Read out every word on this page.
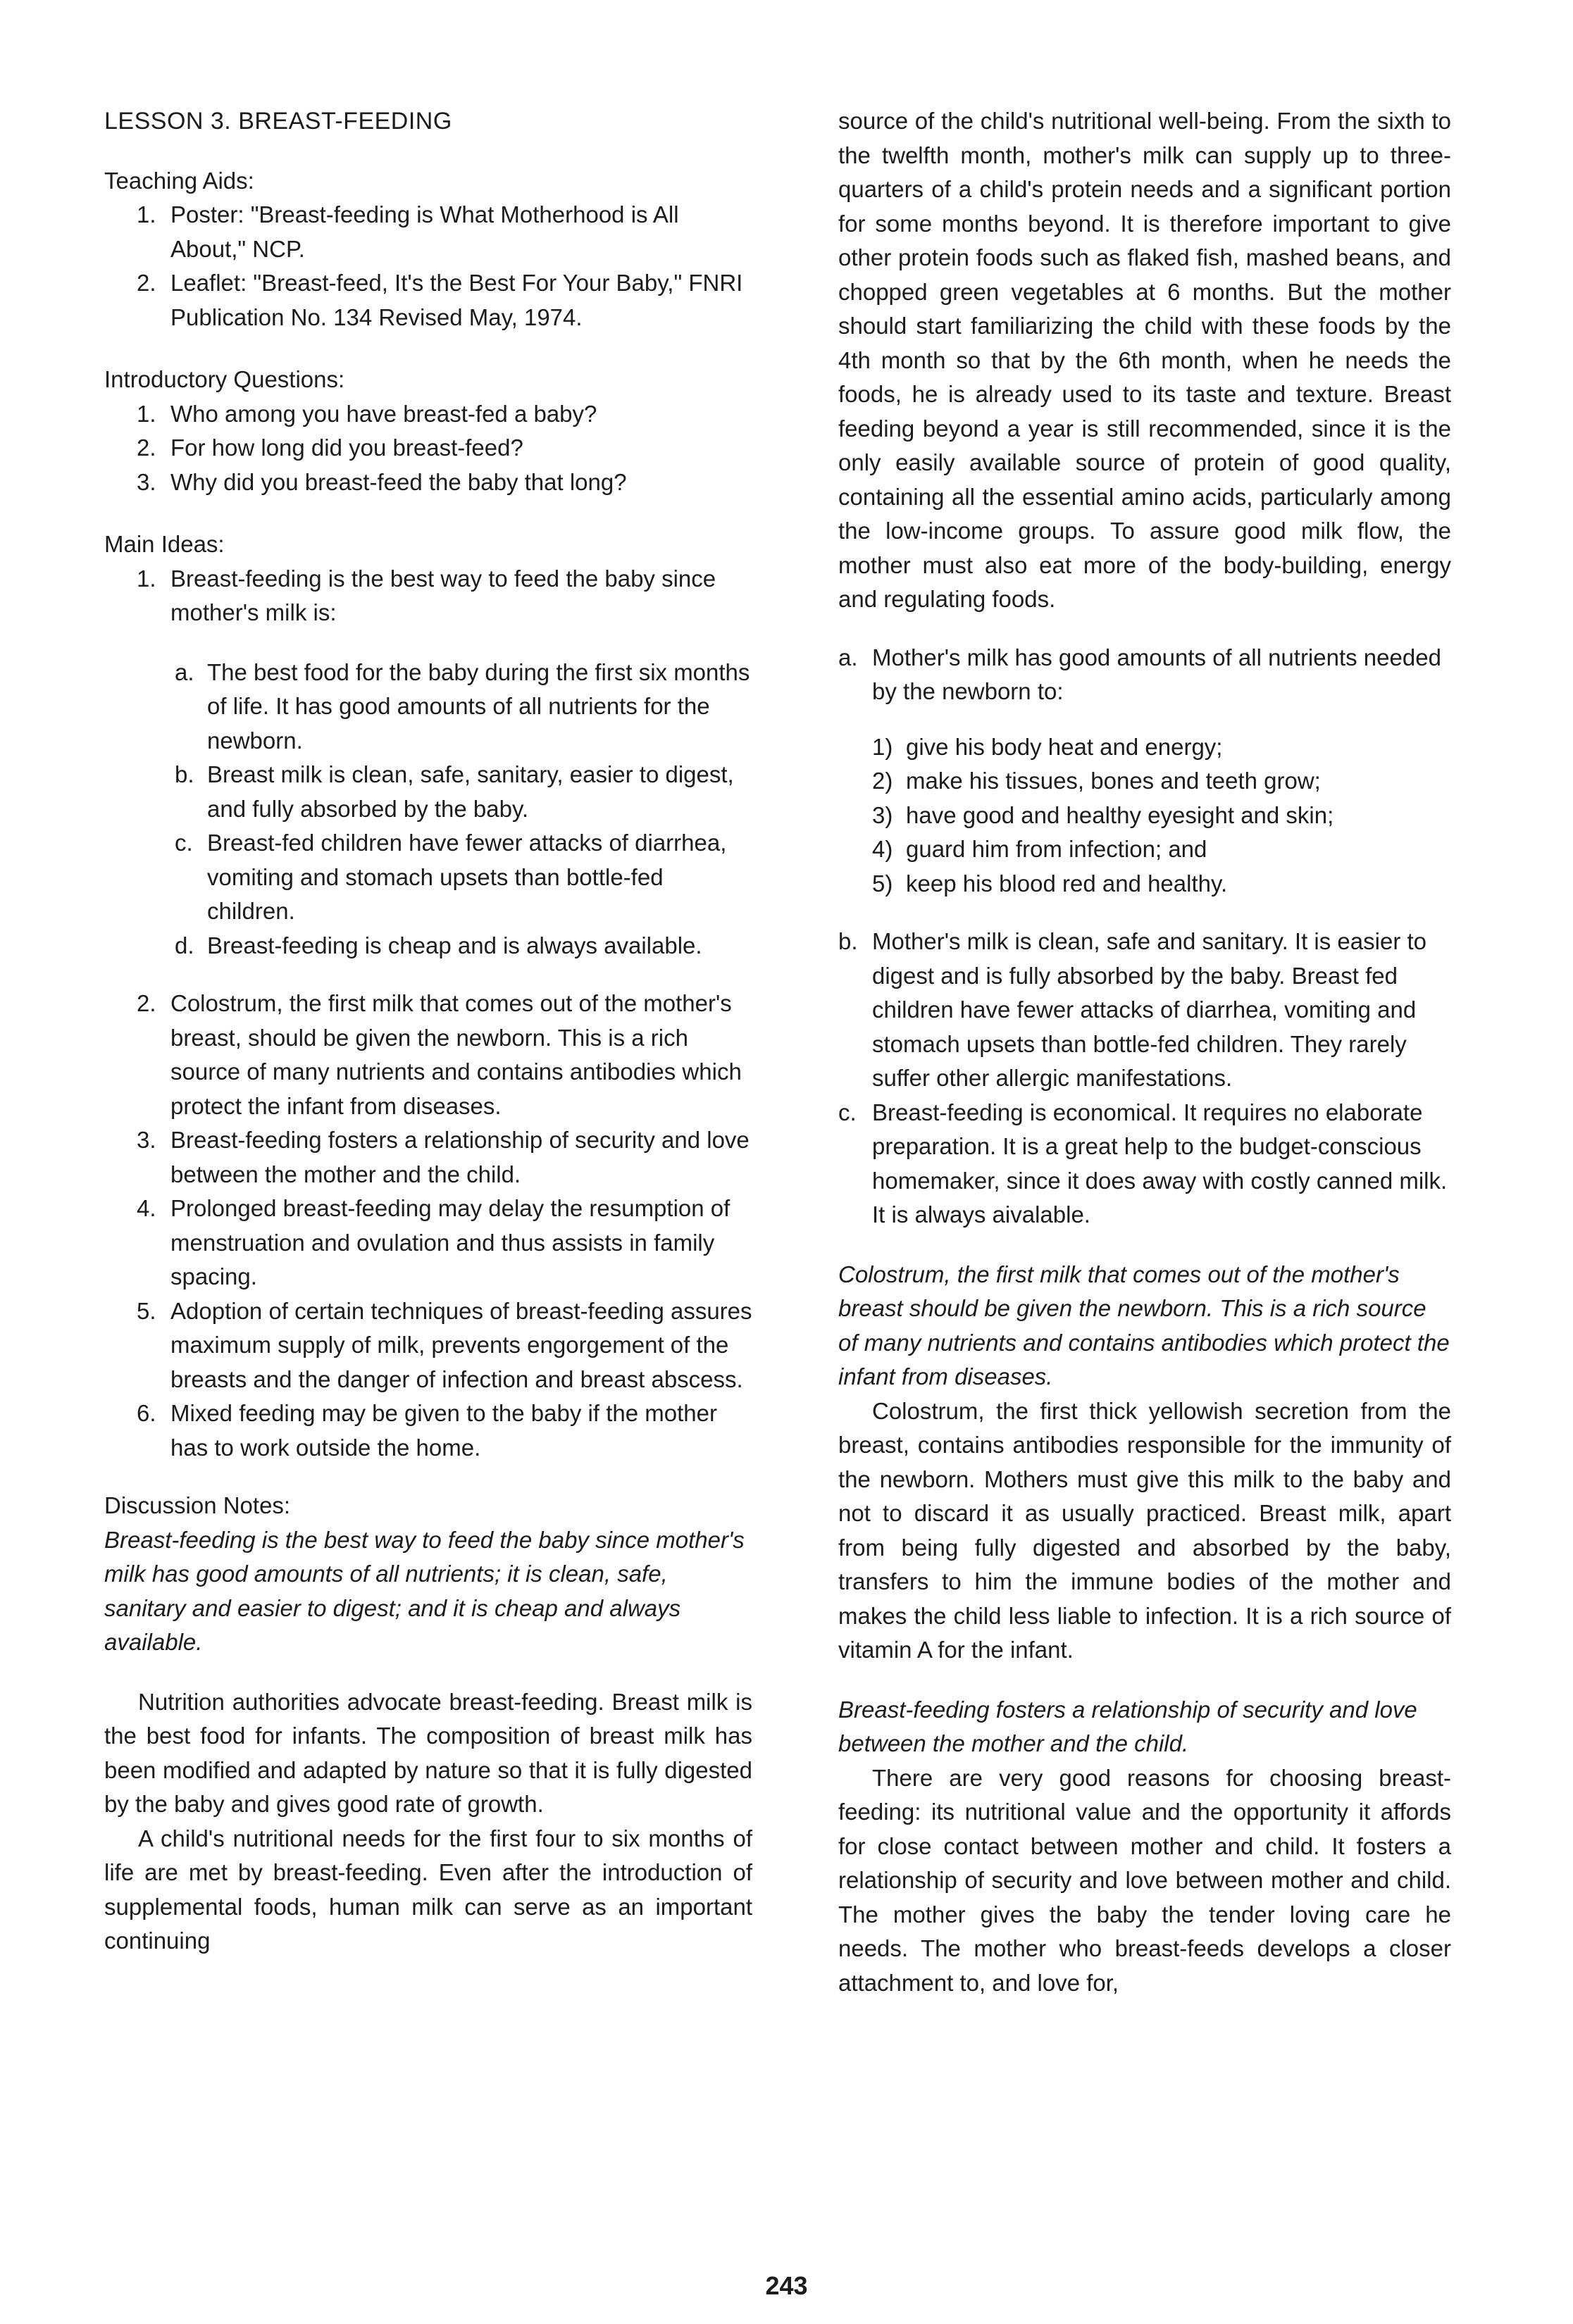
LESSON 3. BREAST-FEEDING
Teaching Aids:
1. Poster: "Breast-feeding is What Motherhood is All About," NCP.
2. Leaflet: "Breast-feed, It's the Best For Your Baby," FNRI Publication No. 134 Revised May, 1974.
Introductory Questions:
1. Who among you have breast-fed a baby?
2. For how long did you breast-feed?
3. Why did you breast-feed the baby that long?
Main Ideas:
1. Breast-feeding is the best way to feed the baby since mother's milk is:
a. The best food for the baby during the first six months of life. It has good amounts of all nutrients for the newborn.
b. Breast milk is clean, safe, sanitary, easier to digest, and fully absorbed by the baby.
c. Breast-fed children have fewer attacks of diarrhea, vomiting and stomach upsets than bottle-fed children.
d. Breast-feeding is cheap and is always available.
2. Colostrum, the first milk that comes out of the mother's breast, should be given the newborn. This is a rich source of many nutrients and contains antibodies which protect the infant from diseases.
3. Breast-feeding fosters a relationship of security and love between the mother and the child.
4. Prolonged breast-feeding may delay the resumption of menstruation and ovulation and thus assists in family spacing.
5. Adoption of certain techniques of breast-feeding assures maximum supply of milk, prevents engorgement of the breasts and the danger of infection and breast abscess.
6. Mixed feeding may be given to the baby if the mother has to work outside the home.
Discussion Notes:

Breast-feeding is the best way to feed the baby since mother's milk has good amounts of all nutrients; it is clean, safe, sanitary and easier to digest; and it is cheap and always available.

Nutrition authorities advocate breast-feeding. Breast milk is the best food for infants. The composition of breast milk has been modified and adapted by nature so that it is fully digested by the baby and gives good rate of growth.

A child's nutritional needs for the first four to six months of life are met by breast-feeding. Even after the introduction of supplemental foods, human milk can serve as an important continuing

source of the child's nutritional well-being. From the sixth to the twelfth month, mother's milk can supply up to three-quarters of a child's protein needs and a significant portion for some months beyond. It is therefore important to give other protein foods such as flaked fish, mashed beans, and chopped green vegetables at 6 months. But the mother should start familiarizing the child with these foods by the 4th month so that by the 6th month, when he needs the foods, he is already used to its taste and texture. Breast feeding beyond a year is still recommended, since it is the only easily available source of protein of good quality, containing all the essential amino acids, particularly among the low-income groups. To assure good milk flow, the mother must also eat more of the body-building, energy and regulating foods.

a. Mother's milk has good amounts of all nutrients needed by the newborn to:
1) give his body heat and energy;
2) make his tissues, bones and teeth grow;
3) have good and healthy eyesight and skin;
4) guard him from infection; and
5) keep his blood red and healthy.
b. Mother's milk is clean, safe and sanitary. It is easier to digest and is fully absorbed by the baby. Breast fed children have fewer attacks of diarrhea, vomiting and stomach upsets than bottle-fed children. They rarely suffer other allergic manifestations.
c. Breast-feeding is economical. It requires no elaborate preparation. It is a great help to the budget-conscious homemaker, since it does away with costly canned milk. It is always aivalable.

Colostrum, the first milk that comes out of the mother's breast should be given the newborn. This is a rich source of many nutrients and contains antibodies which protect the infant from diseases.

Colostrum, the first thick yellowish secretion from the breast, contains antibodies responsible for the immunity of the newborn. Mothers must give this milk to the baby and not to discard it as usually practiced. Breast milk, apart from being fully digested and absorbed by the baby, transfers to him the immune bodies of the mother and makes the child less liable to infection. It is a rich source of vitamin A for the infant.

Breast-feeding fosters a relationship of security and love between the mother and the child.

There are very good reasons for choosing breast-feeding: its nutritional value and the opportunity it affords for close contact between mother and child. It fosters a relationship of security and love between mother and child. The mother gives the baby the tender loving care he needs. The mother who breast-feeds develops a closer attachment to, and love for,

243
